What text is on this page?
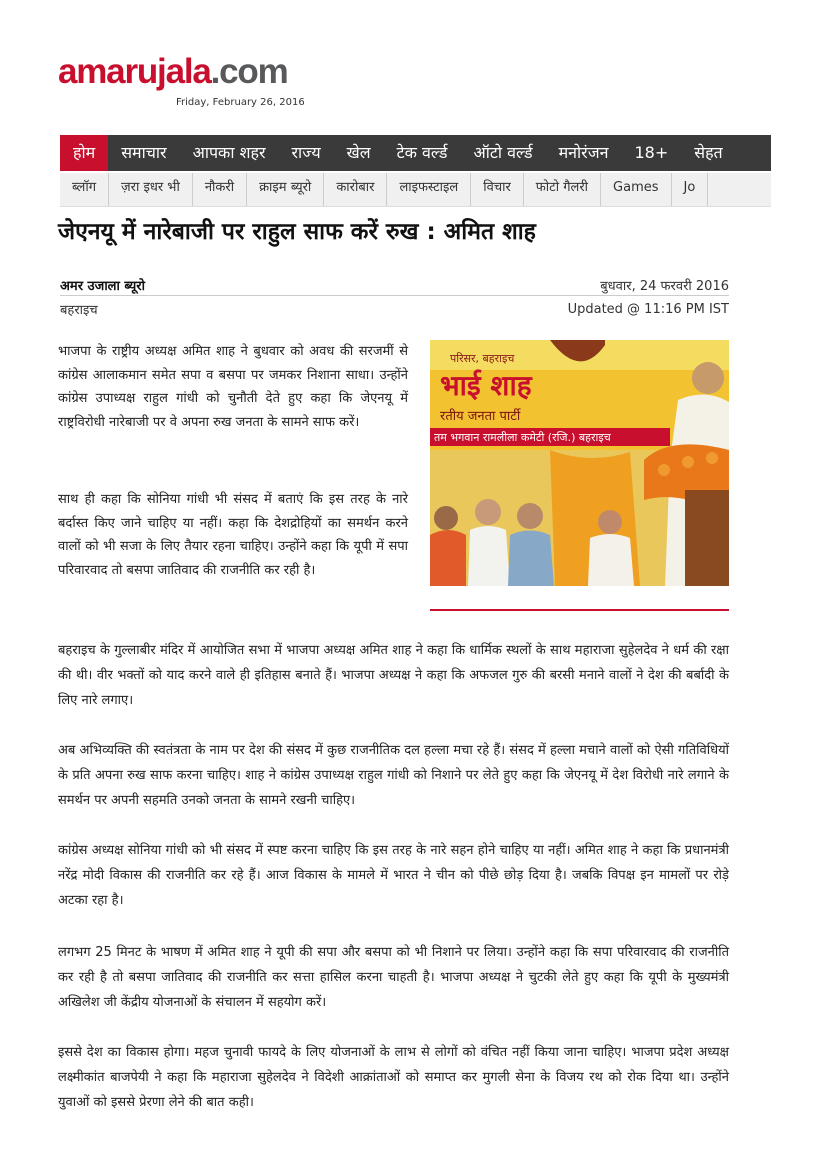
amarujala.com
Friday, February 26, 2016
होम	समाचार	आपका शहर	राज्य	खेल	टेक वर्ल्ड	ऑटो वर्ल्ड	मनोरंजन	18+	सेहत
ब्लॉग	ज़रा इधर भी	नौकरी	क्राइम ब्यूरो	कारोबार	लाइफस्टाइल	विचार	फोटो गैलरी	Games	Jo
जेएनयू में नारेबाजी पर राहुल साफ करें रुख : अमित शाह
अमर उजाला ब्यूरो	बुधवार, 24 फरवरी 2016
बहराइच	Updated @ 11:16 PM IST
परिसर, बहराइच
भाई शाह
रतीय जनता पार्टी
तम भगवान रामलीला कमेटी (रजि.) बहराइच

भाजपा के राष्ट्रीय अध्यक्ष अमित शाह ने बुधवार को अवध की सरजमीं से कांग्रेस आलाकमान समेत सपा व बसपा पर जमकर निशाना साधा। उन्होंने कांग्रेस उपाध्यक्ष राहुल गांधी को चुनौती देते हुए कहा कि जेएनयू में राष्ट्रविरोधी नारेबाजी पर वे अपना रुख जनता के सामने साफ करें।

साथ ही कहा कि सोनिया गांधी भी संसद में बताएं कि इस तरह के नारे बर्दास्त किए जाने चाहिए या नहीं। कहा कि देशद्रोहियों का समर्थन करने वालों को भी सजा के लिए तैयार रहना चाहिए। उन्होंने कहा कि यूपी में सपा परिवारवाद तो बसपा जातिवाद की राजनीति कर रही है।

बहराइच के गुल्लाबीर मंदिर में आयोजित सभा में भाजपा अध्यक्ष अमित शाह ने कहा कि धार्मिक स्थलों के साथ महाराजा सुहेलदेव ने धर्म की रक्षा की थी। वीर भक्तों को याद करने वाले ही इतिहास बनाते हैं। भाजपा अध्यक्ष ने कहा कि अफजल गुरु की बरसी मनाने वालों ने देश की बर्बादी के लिए नारे लगाए।

अब अभिव्यक्ति की स्वतंत्रता के नाम पर देश की संसद में कुछ राजनीतिक दल हल्ला मचा रहे हैं। संसद में हल्ला मचाने वालों को ऐसी गतिविधियों के प्रति अपना रुख साफ करना चाहिए। शाह ने कांग्रेस उपाध्यक्ष राहुल गांधी को निशाने पर लेते हुए कहा कि जेएनयू में देश विरोधी नारे लगाने के समर्थन पर अपनी सहमति उनको जनता के सामने रखनी चाहिए।

कांग्रेस अध्यक्ष सोनिया गांधी को भी संसद में स्पष्ट करना चाहिए कि इस तरह के नारे सहन होने चाहिए या नहीं। अमित शाह ने कहा कि प्रधानमंत्री नरेंद्र मोदी विकास की राजनीति कर रहे हैं। आज विकास के मामले में भारत ने चीन को पीछे छोड़ दिया है। जबकि विपक्ष इन मामलों पर रोड़े अटका रहा है।

लगभग 25 मिनट के भाषण में अमित शाह ने यूपी की सपा और बसपा को भी निशाने पर लिया। उन्होंने कहा कि सपा परिवारवाद की राजनीति कर रही है तो बसपा जातिवाद की राजनीति कर सत्ता हासिल करना चाहती है। भाजपा अध्यक्ष ने चुटकी लेते हुए कहा कि यूपी के मुख्यमंत्री अखिलेश जी केंद्रीय योजनाओं के संचालन में सहयोग करें।

इससे देश का विकास होगा। महज चुनावी फायदे के लिए योजनाओं के लाभ से लोगों को वंचित नहीं किया जाना चाहिए। भाजपा प्रदेश अध्यक्ष लक्ष्मीकांत बाजपेयी ने कहा कि महाराजा सुहेलदेव ने विदेशी आक्रांताओं को समाप्त कर मुगली सेना के विजय रथ को रोक दिया था। उन्होंने युवाओं को इससे प्रेरणा लेने की बात कही।
